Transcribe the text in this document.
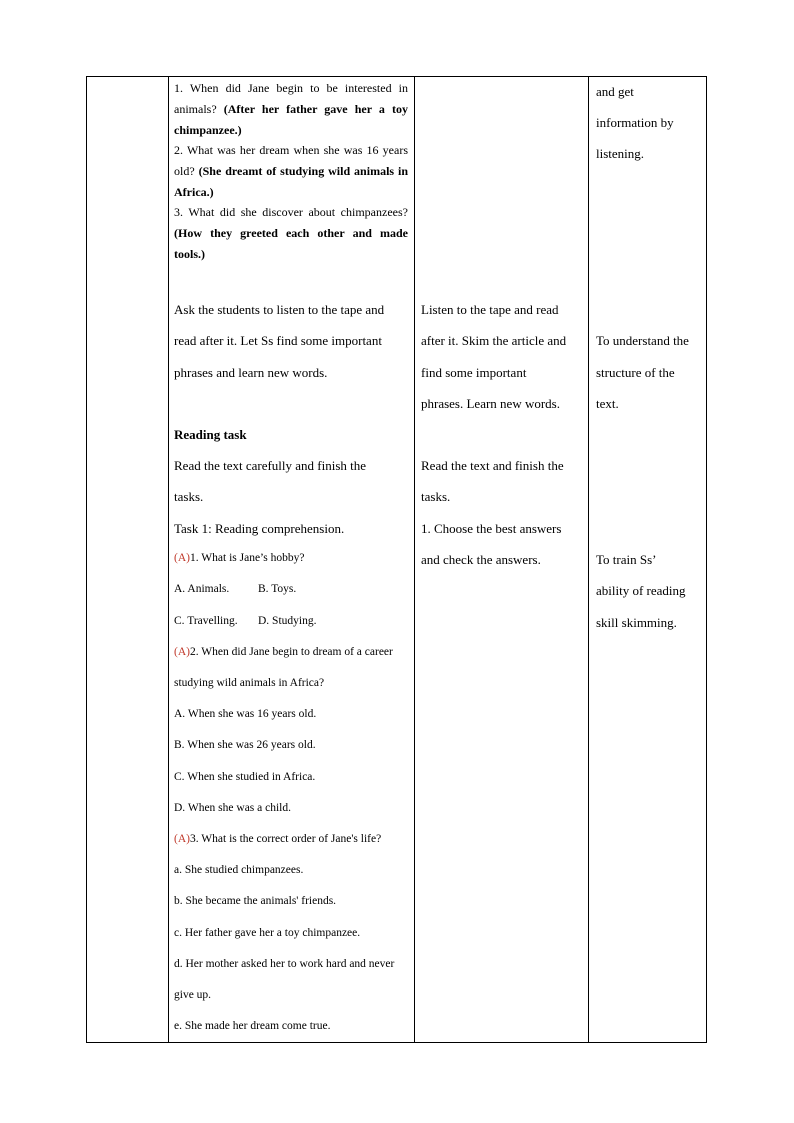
1. When did Jane begin to be interested in animals? (After her father gave her a toy chimpanzee.)
2. What was her dream when she was 16 years old? (She dreamt of studying wild animals in Africa.)
3. What did she discover about chimpanzees? (How they greeted each other and made tools.)
Ask the students to listen to the tape and
read after it. Let Ss find some important
phrases and learn new words.
Reading task
Read the text carefully and finish the
tasks.
Task 1: Reading comprehension.
(A)1. What is Jane’s hobby?
A. Animals. B. Toys.
C. Travelling. D. Studying.
(A)2. When did Jane begin to dream of a career
studying wild animals in Africa?
A. When she was 16 years old.
B. When she was 26 years old.
C. When she studied in Africa.
D. When she was a child.
(A)3. What is the correct order of Jane's life?
a. She studied chimpanzees.
b. She became the animals' friends.
c. Her father gave her a toy chimpanzee.
d. Her mother asked her to work hard and never
give up.
e. She made her dream come true.
Listen to the tape and read
after it. Skim the article and
find some important
phrases. Learn new words.
Read the text and finish the
tasks.
1. Choose the best answers
and check the answers.
and get
information by
listening.
To understand the
structure of the
text.
To train Ss’
ability of reading
skill skimming.
